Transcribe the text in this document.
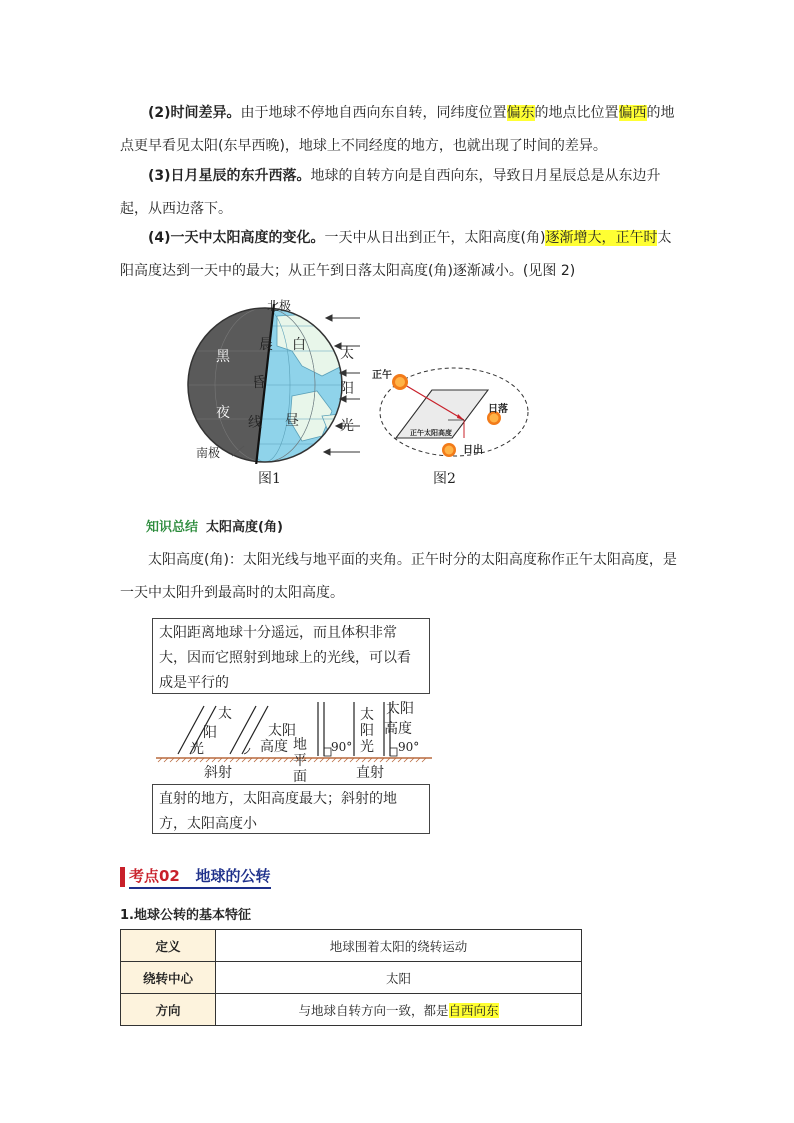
(2)时间差异。由于地球不停地自西向东自转，同纬度位置偏东的地点比位置偏西的地点更早看见太阳(东早西晚)，地球上不同经度的地方，也就出现了时间的差异。
(3)日月星辰的东升西落。地球的自转方向是自西向东，导致日月星辰总是从东边升起，从西边落下。
(4)一天中太阳高度的变化。一天中从日出到正午，太阳高度(角)逐渐增大，正午时太阳高度达到一天中的最大；从正午到日落太阳高度(角)逐渐减小。(见图 2)
北极
南极
黑
夜
晨
昏
线
白
昼
太
阳
光
图1
正午
日落
日出
正午太阳高度
图2
知识总结 太阳高度(角)
太阳高度(角)：太阳光线与地平面的夹角。正午时分的太阳高度称作正午太阳高度，是一天中太阳升到最高时的太阳高度。
太阳距离地球十分遥远，而且体积非常大，因而它照射到地球上的光线，可以看成是平行的
太
阳
光
太阳
高度 地
平
面
90°
太
阳
光
太阳
高度
90°
斜射	直射
直射的地方，太阳高度最大；斜射的地方，太阳高度小
考点02 地球的公转
1.地球公转的基本特征
定义	地球围着太阳的绕转运动
绕转中心	太阳
方向	与地球自转方向一致，都是自西向东
